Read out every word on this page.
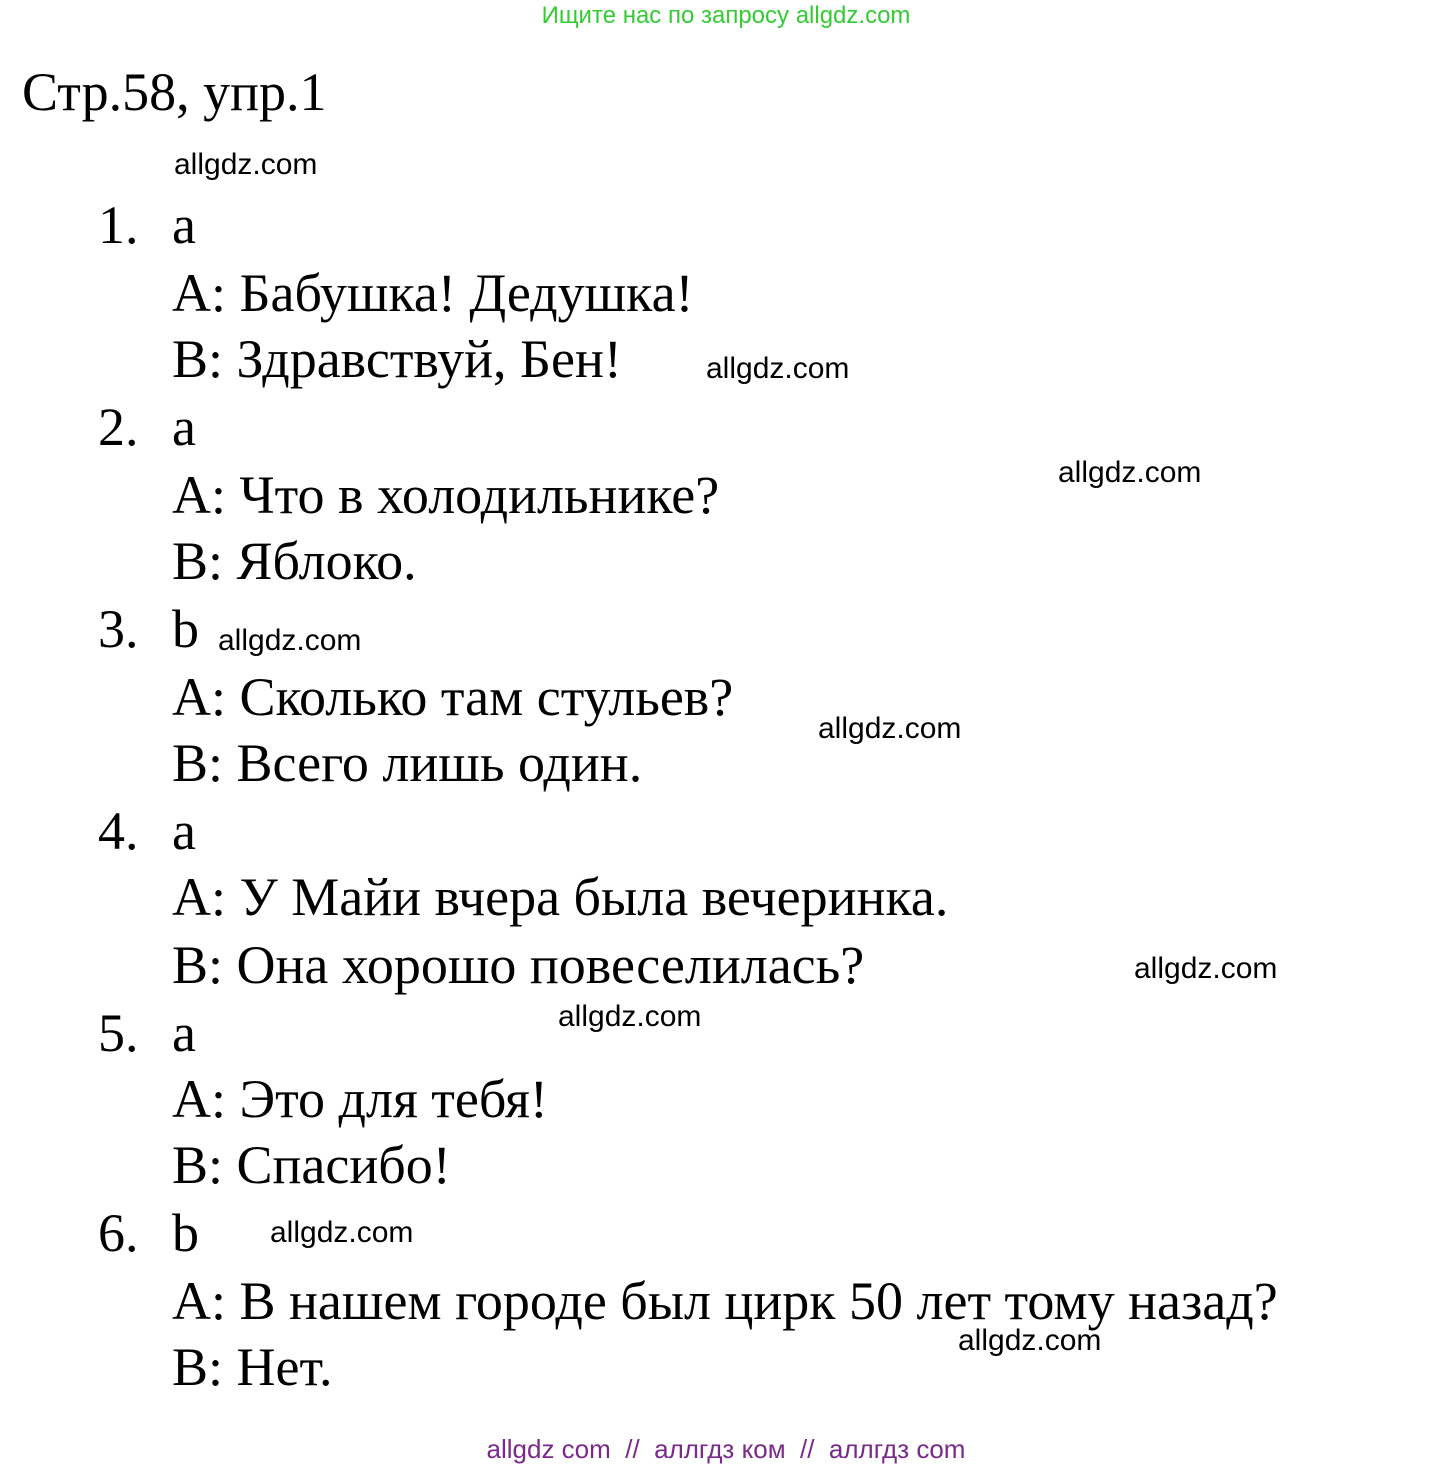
Ищите нас по запросу allgdz.com
Стр.58, упр.1
allgdz.com
allgdz.com
allgdz.com
allgdz.com
allgdz.com
allgdz.com
allgdz.com
allgdz.com
allgdz.com
1. a
A: Бабушка! Дедушка!
B: Здравствуй, Бен!
2. a
A: Что в холодильнике?
B: Яблоко.
3. b
A: Сколько там стульев?
B: Всего лишь один.
4. a
A: У Майи вчера была вечеринка.
B: Она хорошо повеселилась?
5. a
A: Это для тебя!
B: Спасибо!
6. b
A: В нашем городе был цирк 50 лет тому назад?
B: Нет.
allgdz com  //  аллгдз ком  //  аллгдз com
